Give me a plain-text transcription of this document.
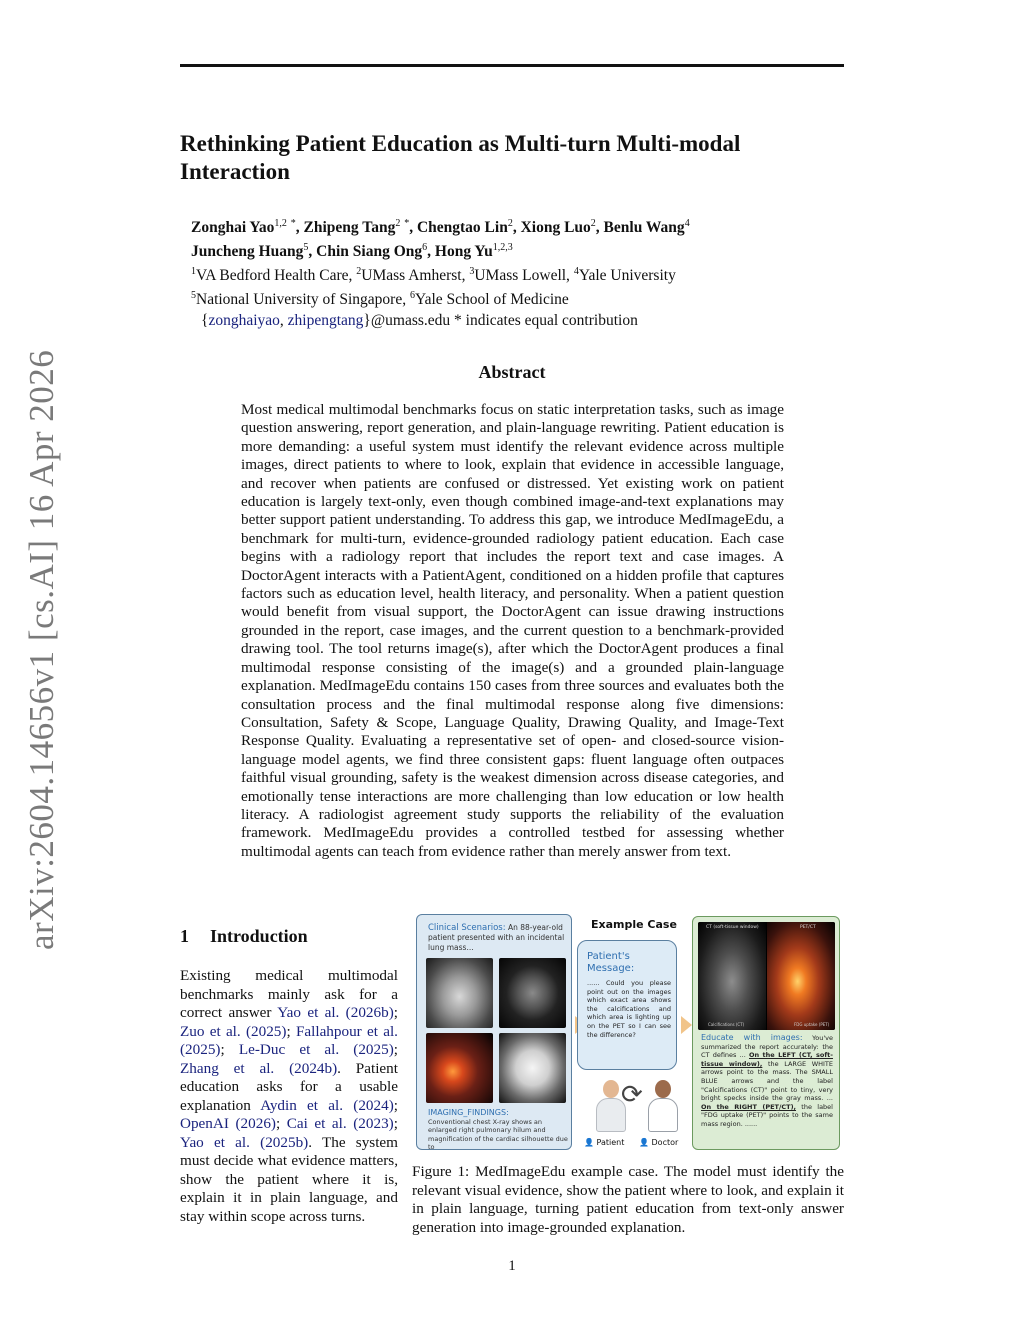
arXiv:2604.14656v1 [cs.AI] 16 Apr 2026
Rethinking Patient Education as Multi-turn Multi-modal Interaction
Zonghai Yao$^{1,2}$ *, Zhipeng Tang$^2$ *, Chengtao Lin$^2$, Xiong Luo$^2$, Benlu Wang$^4$
Juncheng Huang$^5$, Chin Siang Ong$^6$, Hong Yu$^{1,2,3}$
$^1$VA Bedford Health Care, $^2$UMass Amherst, $^3$UMass Lowell, $^4$Yale University
$^5$National University of Singapore, $^6$Yale School of Medicine
{zonghaiyao, zhipengtang}@umass.edu * indicates equal contribution
Abstract

Most medical multimodal benchmarks focus on static interpretation tasks, such as image question answering, report generation, and plain-language rewriting. Patient education is more demanding: a useful system must identify the relevant evidence across multiple images, direct patients to where to look, explain that evidence in accessible language, and recover when patients are confused or distressed. Yet existing work on patient education is largely text-only, even though combined image-and-text explanations may better support patient understanding. To address this gap, we introduce MedImageEdu, a benchmark for multi-turn, evidence-grounded radiology patient education. Each case begins with a radiology report that includes the report text and case images. A DoctorAgent interacts with a PatientAgent, conditioned on a hidden profile that captures factors such as education level, health literacy, and personality. When a patient question would benefit from visual support, the DoctorAgent can issue drawing instructions grounded in the report, case images, and the current question to a benchmark-provided drawing tool. The tool returns image(s), after which the DoctorAgent produces a final multimodal response consisting of the image(s) and a grounded plain-language explanation. MedImageEdu contains 150 cases from three sources and evaluates both the consultation process and the final multimodal response along five dimensions: Consultation, Safety & Scope, Language Quality, Drawing Quality, and Image-Text Response Quality. Evaluating a representative set of open- and closed-source vision-language model agents, we find three consistent gaps: fluent language often outpaces faithful visual grounding, safety is the weakest dimension across disease categories, and emotionally tense interactions are more challenging than low education or low health literacy. A radiologist agreement study supports the reliability of the evaluation framework. MedImageEdu provides a controlled testbed for assessing whether multimodal agents can teach from evidence rather than merely answer from text.

1 Introduction

Existing medical multimodal benchmarks mainly ask for a correct answer Yao et al. (2026b); Zuo et al. (2025); Fallahpour et al. (2025); Le-Duc et al. (2025); Zhang et al. (2024b). Patient education asks for a usable explanation Aydin et al. (2024); OpenAI (2026); Cai et al. (2023); Yao et al. (2025b). The system must decide what evidence matters, show the patient where it is, explain it in plain language, and stay within scope across turns.

Clinical Scenarios: An 88-year-old patient presented with an incidental lung mass...
IMAGING_FINDINGS:
Conventional chest X-ray shows an enlarged right pulmonary hilum and magnification of the cardiac silhouette due to
Example Case
Patient's Message:
...... Could you please point out on the images which exact area shows the calcifications and which area is lighting up on the PET so I can see the difference?
⟳
👤 Patient 👤 Doctor
CT (soft-tissue window)	PET/CT
Calcifications (CT)	FDG uptake (PET)
Educate with images: You've summarized the report accurately: the CT defines ... On the LEFT (CT, soft-tissue window), the LARGE WHITE arrows point to the mass. The SMALL BLUE arrows and the label "Calcifications (CT)" point to tiny, very bright specks inside the gray mass. ... On the RIGHT (PET/CT), the label "FDG uptake (PET)" points to the same mass region. ......

Figure 1: MedImageEdu example case. The model must identify the relevant visual evidence, show the patient where to look, and explain it in plain language, turning patient education from text-only answer generation into image-grounded explanation.

1
